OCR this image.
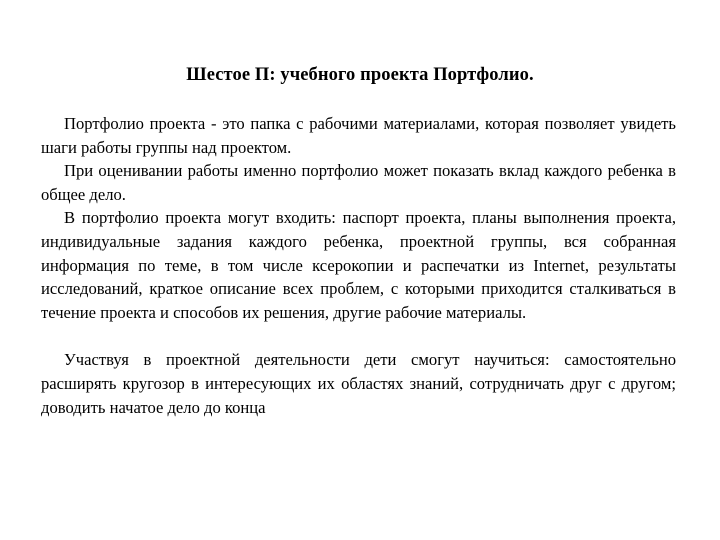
Шестое П: учебного проекта Портфолио.

Портфолио проекта - это папка с рабочими материалами, которая позволяет увидеть шаги работы группы над проектом.

При оценивании работы именно портфолио может показать вклад каждого ребенка в общее дело.

В портфолио проекта могут входить: паспорт проекта, планы выполнения проекта, индивидуальные задания каждого ребенка, проектной группы, вся собранная информация по теме, в том числе ксерокопии и распечатки из Internet, результаты исследований, краткое описание всех проблем, с которыми приходится сталкиваться в течение проекта и способов их решения, другие рабочие материалы.

Участвуя в проектной деятельности дети смогут научиться: самостоятельно расширять кругозор в интересующих их областях знаний, сотрудничать друг с другом; доводить начатое дело до конца
